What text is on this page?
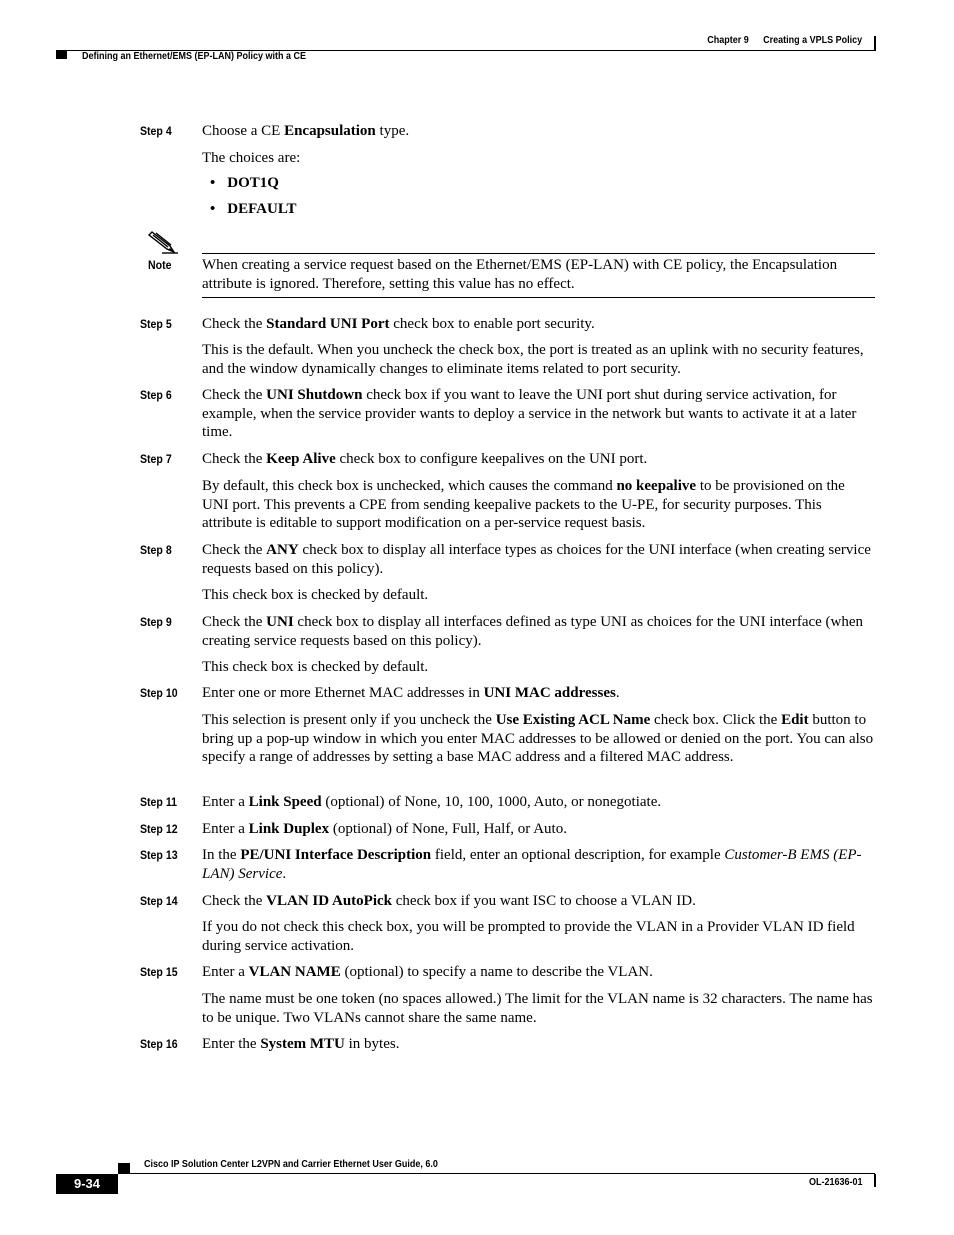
Chapter 9 Creating a VPLS Policy
Defining an Ethernet/EMS (EP-LAN) Policy with a CE
Step 4 Choose a CE Encapsulation type.
The choices are:
• DOT1Q
• DEFAULT
Step 5 Check the Standard UNI Port check box to enable port security.
This is the default. When you uncheck the check box, the port is treated as an uplink with no security features, and the window dynamically changes to eliminate items related to port security.
Step 6 Check the UNI Shutdown check box if you want to leave the UNI port shut during service activation, for example, when the service provider wants to deploy a service in the network but wants to activate it at a later time.
Step 7 Check the Keep Alive check box to configure keepalives on the UNI port.
By default, this check box is unchecked, which causes the command no keepalive to be provisioned on the UNI port. This prevents a CPE from sending keepalive packets to the U-PE, for security purposes. This attribute is editable to support modification on a per-service request basis.
Step 8 Check the ANY check box to display all interface types as choices for the UNI interface (when creating service requests based on this policy).
This check box is checked by default.
Step 9 Check the UNI check box to display all interfaces defined as type UNI as choices for the UNI interface (when creating service requests based on this policy).
This check box is checked by default.
Step 10 Enter one or more Ethernet MAC addresses in UNI MAC addresses.
This selection is present only if you uncheck the Use Existing ACL Name check box. Click the Edit button to bring up a pop-up window in which you enter MAC addresses to be allowed or denied on the port. You can also specify a range of addresses by setting a base MAC address and a filtered MAC address.
Step 11 Enter a Link Speed (optional) of None, 10, 100, 1000, Auto, or nonegotiate.
Step 12 Enter a Link Duplex (optional) of None, Full, Half, or Auto.
Step 13 In the PE/UNI Interface Description field, enter an optional description, for example Customer-B EMS (EP-LAN) Service.
Step 14 Check the VLAN ID AutoPick check box if you want ISC to choose a VLAN ID.
If you do not check this check box, you will be prompted to provide the VLAN in a Provider VLAN ID field during service activation.
Step 15 Enter a VLAN NAME (optional) to specify a name to describe the VLAN.
The name must be one token (no spaces allowed.) The limit for the VLAN name is 32 characters. The name has to be unique. Two VLANs cannot share the same name.
Step 16 Enter the System MTU in bytes.
Note When creating a service request based on the Ethernet/EMS (EP-LAN) with CE policy, the Encapsulation attribute is ignored. Therefore, setting this value has no effect.
Cisco IP Solution Center L2VPN and Carrier Ethernet User Guide, 6.0
OL-21636-01
9-34
